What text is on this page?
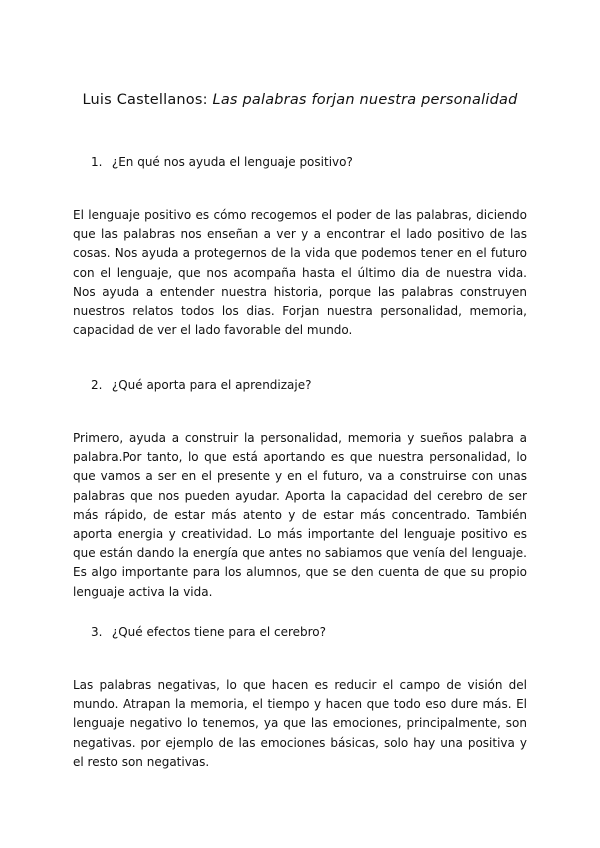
Luis Castellanos: Las palabras forjan nuestra personalidad
1. ¿En qué nos ayuda el lenguaje positivo?

El lenguaje positivo es cómo recogemos el poder de las palabras, diciendo que las palabras nos enseñan a ver y a encontrar el lado positivo de las cosas. Nos ayuda a protegernos de la vida que podemos tener en el futuro con el lenguaje, que nos acompaña hasta el último dia de nuestra vida. Nos ayuda a entender nuestra historia, porque las palabras construyen nuestros relatos todos los dias. Forjan nuestra personalidad, memoria, capacidad de ver el lado favorable del mundo.

2. ¿Qué aporta para el aprendizaje?

Primero, ayuda a construir la personalidad, memoria y sueños palabra a palabra.Por tanto, lo que está aportando es que nuestra personalidad, lo que vamos a ser en el presente y en el futuro, va a construirse con unas palabras que nos pueden ayudar. Aporta la capacidad del cerebro de ser más rápido, de estar más atento y de estar más concentrado. También aporta energia y creatividad. Lo más importante del lenguaje positivo es que están dando la energía que antes no sabiamos que venía del lenguaje. Es algo importante para los alumnos, que se den cuenta de que su propio lenguaje activa la vida.

3. ¿Qué efectos tiene para el cerebro?

Las palabras negativas, lo que hacen es reducir el campo de visión del mundo. Atrapan la memoria, el tiempo y hacen que todo eso dure más. El lenguaje negativo lo tenemos, ya que las emociones, principalmente, son negativas. por ejemplo de las emociones básicas, solo hay una positiva y el resto son negativas.
